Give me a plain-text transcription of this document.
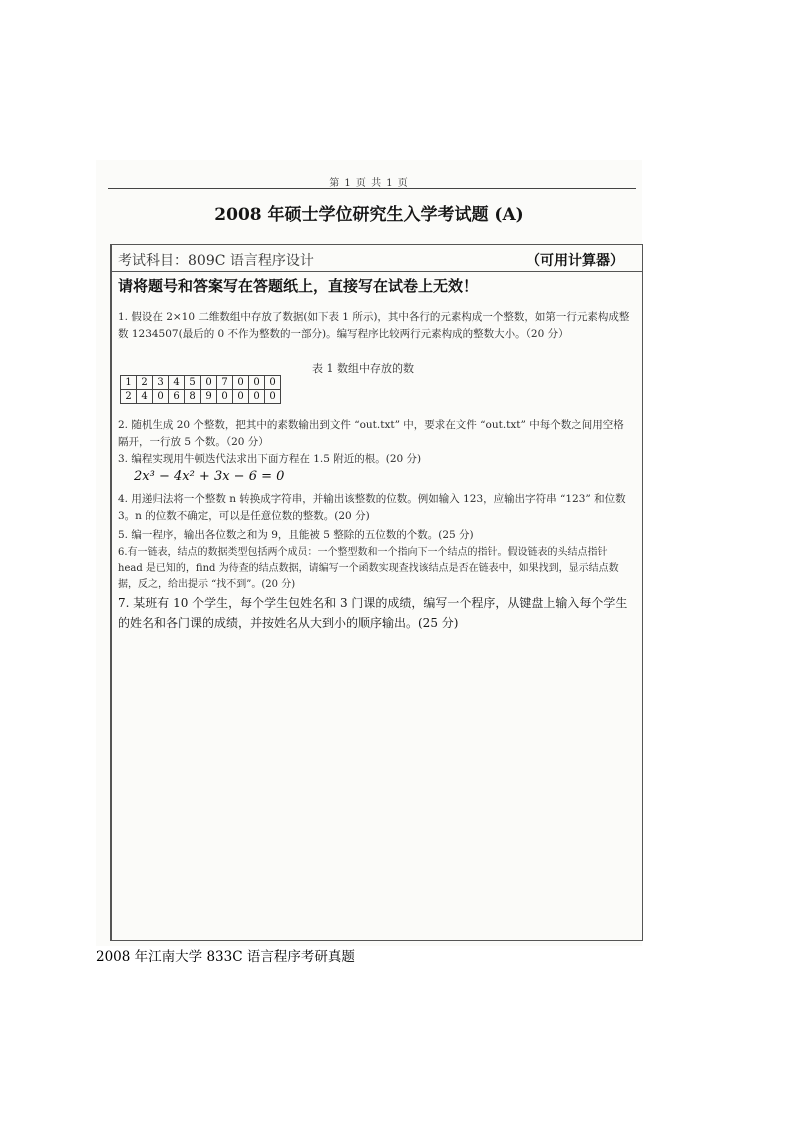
第 1 页 共 1 页
2008 年硕士学位研究生入学考试题 (A)
考试科目：809C 语言程序设计	（可用计算器）
请将题号和答案写在答题纸上，直接写在试卷上无效！
1. 假设在 2×10 二维数组中存放了数据(如下表 1 所示)，其中各行的元素构成一个整数，如第一行元素构成整数 1234507(最后的 0 不作为整数的一部分)。编写程序比较两行元素构成的整数大小。（20 分）
表 1 数组中存放的数
1	2	3	4	5	0	7	0	0	0
2	4	0	6	8	9	0	0	0	0
2. 随机生成 20 个整数，把其中的素数输出到文件 “out.txt” 中，要求在文件 “out.txt” 中每个数之间用空格隔开，一行放 5 个数。（20 分）
3. 编程实现用牛顿迭代法求出下面方程在 1.5 附近的根。(20 分)
2x³ − 4x² + 3x − 6 = 0
4. 用递归法将一个整数 n 转换成字符串，并输出该整数的位数。例如输入 123，应输出字符串 “123” 和位数 3。n 的位数不确定，可以是任意位数的整数。(20 分)
5. 编一程序，输出各位数之和为 9，且能被 5 整除的五位数的个数。(25 分)
6.有一链表，结点的数据类型包括两个成员：一个整型数和一个指向下一个结点的指针。假设链表的头结点指针 head 是已知的，find 为待查的结点数据，请编写一个函数实现查找该结点是否在链表中，如果找到，显示结点数据，反之，给出提示 “找不到”。(20 分)
7. 某班有 10 个学生，每个学生包姓名和 3 门课的成绩，编写一个程序，从键盘上输入每个学生的姓名和各门课的成绩，并按姓名从大到小的顺序输出。(25 分)
2008 年江南大学 833C 语言程序考研真题
